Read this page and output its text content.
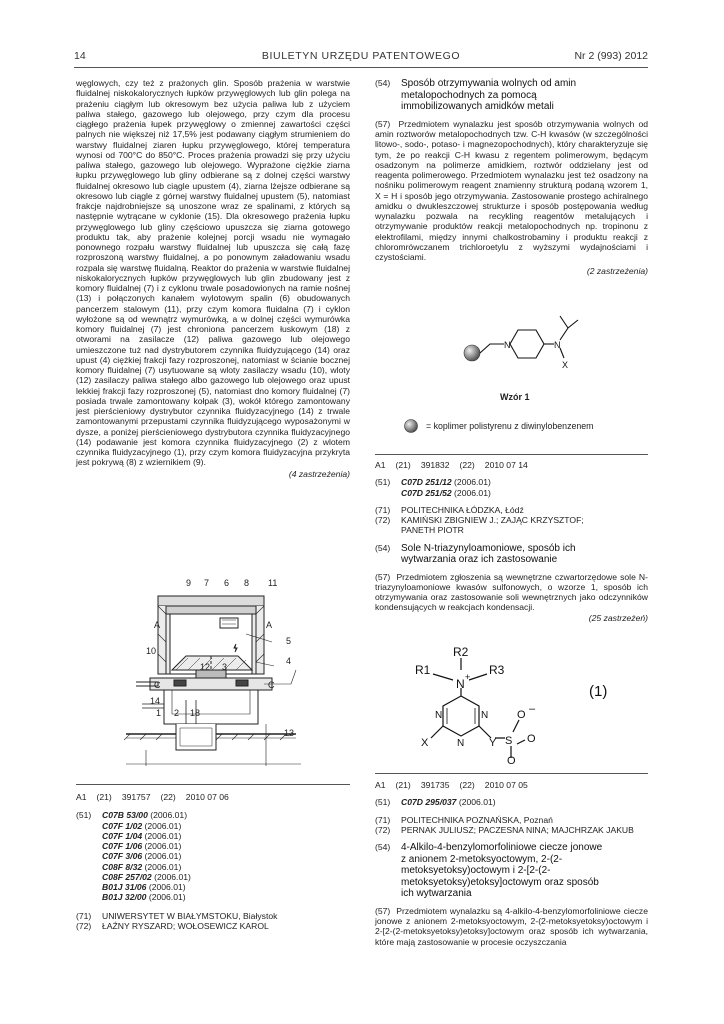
14	BIULETYN URZĘDU PATENTOWEGO	Nr 2 (993) 2012

węglowych, czy też z prażonych glin. Sposób prażenia w warstwie fluidalnej niskokalorycznych łupków przywęglowych lub glin polega na prażeniu ciągłym lub okresowym bez użycia paliwa lub z użyciem paliwa stałego, gazowego lub olejowego, przy czym dla procesu ciągłego prażenia łupek przywęglowy o zmiennej zawartości części palnych nie większej niż 17,5% jest podawany ciągłym strumieniem do warstwy fluidalnej ziaren łupku przywęglowego, której temperatura wynosi od 700°C do 850°C. Proces prażenia prowadzi się przy użyciu paliwa stałego, gazowego lub olejowego. Wyprażone ciężkie ziarna łupku przywęglowego lub gliny odbierane są z dolnej części warstwy fluidalnej okresowo lub ciągle upustem (4), ziarna lżejsze odbierane są okresowo lub ciągle z górnej warstwy fluidalnej upustem (5), natomiast frakcje najdrobniejsze są unoszone wraz ze spalinami, z których są następnie wytrącane w cyklonie (15). Dla okresowego prażenia łupku przywęglowego lub gliny częściowo upuszcza się ziarna gotowego produktu tak, aby prażenie kolejnej porcji wsadu nie wymagało ponownego rozpału warstwy fluidalnej lub upuszcza się całą fazę rozproszoną warstwy fluidalnej, a po ponownym załadowaniu wsadu rozpala się warstwę fluidalną. Reaktor do prażenia w warstwie fluidalnej niskokalorycznych łupków przywęglowych lub glin zbudowany jest z komory fluidalnej (7) i z cyklonu trwale posadowionych na ramie nośnej (13) i połączonych kanałem wylotowym spalin (6) obudowanych pancerzem stalowym (11), przy czym komora fluidalna (7) i cyklon wyłożone są od wewnątrz wymurówką, a w dolnej części wymurówka komory fluidalnej (7) jest chroniona pancerzem łuskowym (18) z otworami na zasilacze (12) paliwa gazowego lub olejowego umieszczone tuż nad dystrybutorem czynnika fluidyzującego (14) oraz upust (4) ciężkiej frakcji fazy rozproszonej, natomiast w ścianie bocznej komory fluidalnej (7) usytuowane są wloty zasilaczy wsadu (10), wloty (12) zasilaczy paliwa stałego albo gazowego lub olejowego oraz upust lekkiej frakcji fazy rozproszonej (5), natomiast dno komory fluidalnej (7) posiada trwale zamontowany kołpak (3), wokół którego zamontowany jest pierścieniowy dystrybutor czynnika fluidyzacyjnego (14) z trwale zamontowanymi przepustami czynnika fluidyzującego wyposażonymi w dysze, a poniżej pierścieniowego dystrybutora czynnika fluidyzacyjnego (14) podawanie jest komora czynnika fluidyzacyjnego (2) z wlotem czynnika fluidyzacyjnego (1), przy czym komora fluidyzacyjna przykryta jest pokrywą (8) z wziernikiem (9).

(4 zastrzeżenia)
9 7 6 8 11
A	A
5
4
10
12 3
C	C
14
1 2 18
13
A1 (21) 391757 (22) 2010 07 06
(51)	C07B 53/00 (2006.01)
C07F 1/02 (2006.01)
C07F 1/04 (2006.01)
C07F 1/06 (2006.01)
C07F 3/06 (2006.01)
C08F 8/32 (2006.01)
C08F 257/02 (2006.01)
B01J 31/06 (2006.01)
B01J 32/00 (2006.01)
(71)	UNIWERSYTET W BIAŁYMSTOKU, Białystok
(72)	ŁAŹNY RYSZARD; WOŁOSEWICZ KAROL
(54)	Sposób otrzymywania wolnych od amin metalopochodnych za pomocą immobilizowanych amidków metali

(57) Przedmiotem wynalazku jest sposób otrzymywania wolnych od amin roztworów metalopochodnych tzw. C-H kwasów (w szczególności litowo-, sodo-, potaso- i magnezopochodnych), który charakteryzuje się tym, że po reakcji C-H kwasu z regentem polimerowym, będącym osadzonym na polimerze amidkiem, roztwór oddzielany jest od reagenta polimerowego. Przedmiotem wynalazku jest też osadzony na nośniku polimerowym reagent znamienny strukturą podaną wzorem 1, X = H i sposób jego otrzymywania. Zastosowanie prostego achiralnego amidku o dwukleszczowej strukturze i sposób postępowania według wynalazku pozwala na recykling reagentów metalujących i otrzymywanie produktów reakcji metalopochodnych np. tropinonu z elektrofilami, między innymi chalkostrobaminy i produktu reakcji z chloromrówczanem trichloroetylu z wyższymi wydajnościami i czystościami.

(2 zastrzeżenia)
N	N
X
Wzór 1
= koplimer polistyrenu z diwinylobenzenem
A1 (21) 391832 (22) 2010 07 14
(51)	C07D 251/12 (2006.01)
C07D 251/52 (2006.01)
(71)	POLITECHNIKA ŁÓDZKA, Łódź
(72)	KAMIŃSKI ZBIGNIEW J.; ZAJĄC KRZYSZTOF; PANETH PIOTR
(54)	Sole N-triazynyloamoniowe, sposób ich wytwarzania oraz ich zastosowanie

(57) Przedmiotem zgłoszenia są wewnętrzne czwartorzędowe sole N-triazynyloamoniowe kwasów sulfonowych, o wzorze 1, sposób ich otrzymywania oraz zastosowanie soli wewnętrznych jako odczynników kondensujących w reakcjach kondensacji.

(25 zastrzeżeń)
R2
R1	R3
N +
N	N
N
X	Y S
O
O
O
–
(1)
A1 (21) 391735 (22) 2010 07 05
(51)	C07D 295/037 (2006.01)
(71)	POLITECHNIKA POZNAŃSKA, Poznań
(72)	PERNAK JULIUSZ; PACZESNA NINA; MAJCHRZAK JAKUB
(54)	4-Alkilo-4-benzylomorfoliniowe ciecze jonowe z anionem 2-metoksyoctowym, 2-(2-metoksyetoksy)octowym i 2-[2-(2-metoksyetoksy)etoksy]octowym oraz sposób ich wytwarzania

(57) Przedmiotem wynalazku są 4-alkilo-4-benzylomorfoliniowe ciecze jonowe z anionem 2-metoksyoctowym, 2-(2-metoksyetoksy)octowym i 2-[2-(2-metoksyetoksy)etoksy]octowym oraz sposób ich wytwarzania, które mają zastosowanie w procesie oczyszczania
